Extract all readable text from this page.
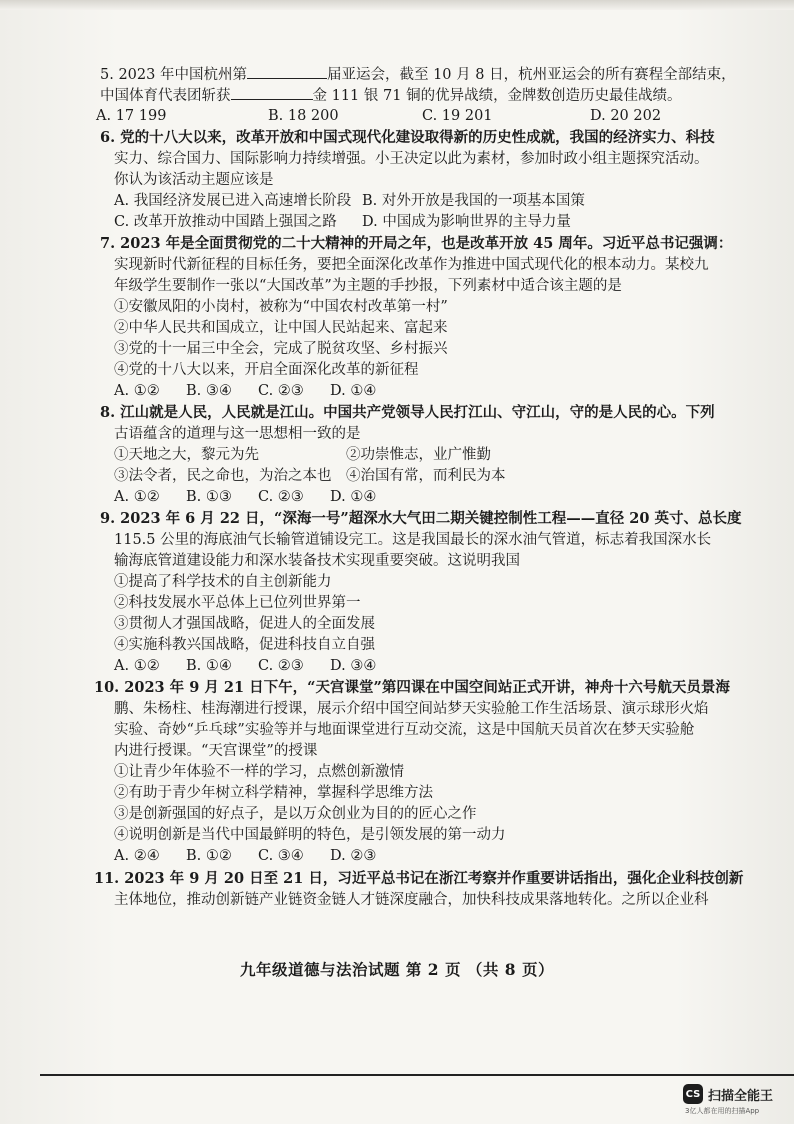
5. 2023 年中国杭州第	届亚运会，截至 10 月 8 日，杭州亚运会的所有赛程全部结束，
中国体育代表团斩获	金 111 银 71 铜的优异战绩，金牌数创造历史最佳战绩。
A. 17 199	B. 18 200	C. 19 201	D. 20 202
6. 党的十八大以来，改革开放和中国式现代化建设取得新的历史性成就，我国的经济实力、科技
实力、综合国力、国际影响力持续增强。小王决定以此为素材，参加时政小组主题探究活动。
你认为该活动主题应该是
A. 我国经济发展已进入高速增长阶段 B. 对外开放是我国的一项基本国策
C. 改革开放推动中国踏上强国之路 D. 中国成为影响世界的主导力量
7. 2023 年是全面贯彻党的二十大精神的开局之年，也是改革开放 45 周年。习近平总书记强调：
实现新时代新征程的目标任务，要把全面深化改革作为推进中国式现代化的根本动力。某校九
年级学生要制作一张以“大国改革”为主题的手抄报，下列素材中适合该主题的是
①安徽凤阳的小岗村，被称为“中国农村改革第一村”
②中华人民共和国成立，让中国人民站起来、富起来
③党的十一届三中全会，完成了脱贫攻坚、乡村振兴
④党的十八大以来，开启全面深化改革的新征程
A. ①② B. ③④ C. ②③ D. ①④
8. 江山就是人民，人民就是江山。中国共产党领导人民打江山、守江山，守的是人民的心。下列
古语蕴含的道理与这一思想相一致的是
①天地之大，黎元为先	②功崇惟志，业广惟勤
③法令者，民之命也，为治之本也 ④治国有常，而利民为本
A. ①② B. ①③ C. ②③ D. ①④
9. 2023 年 6 月 22 日，“深海一号”超深水大气田二期关键控制性工程——直径 20 英寸、总长度
115.5 公里的海底油气长输管道铺设完工。这是我国最长的深水油气管道，标志着我国深水长
输海底管道建设能力和深水装备技术实现重要突破。这说明我国
①提高了科学技术的自主创新能力
②科技发展水平总体上已位列世界第一
③贯彻人才强国战略，促进人的全面发展
④实施科教兴国战略，促进科技自立自强
A. ①② B. ①④ C. ②③ D. ③④
10. 2023 年 9 月 21 日下午，“天宫课堂”第四课在中国空间站正式开讲，神舟十六号航天员景海
鹏、朱杨柱、桂海潮进行授课，展示介绍中国空间站梦天实验舱工作生活场景、演示球形火焰
实验、奇妙“乒乓球”实验等并与地面课堂进行互动交流，这是中国航天员首次在梦天实验舱
内进行授课。“天宫课堂”的授课
①让青少年体验不一样的学习，点燃创新激情
②有助于青少年树立科学精神，掌握科学思维方法
③是创新强国的好点子，是以万众创业为目的的匠心之作
④说明创新是当代中国最鲜明的特色，是引领发展的第一动力
A. ②④ B. ①② C. ③④ D. ②③
11. 2023 年 9 月 20 日至 21 日，习近平总书记在浙江考察并作重要讲话指出，强化企业科技创新
主体地位，推动创新链产业链资金链人才链深度融合，加快科技成果落地转化。之所以企业科
九年级道德与法治试题 第 2 页 （共 8 页）
CS 扫描全能王
3亿人都在用的扫描App
